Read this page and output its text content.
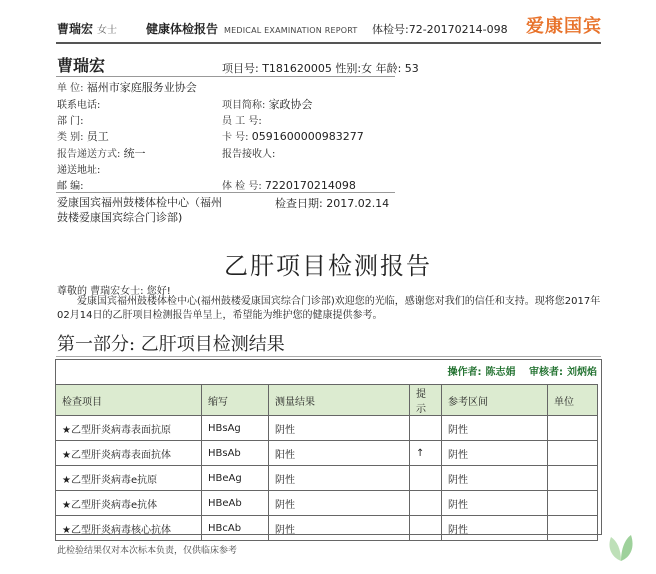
曹瑞宏 女士 健康体检报告 MEDICAL EXAMINATION REPORT 体检号:72-20170214-098 爱康国宾
曹瑞宏	项目号: T181620005 性别:女 年龄: 53
单 位: 福州市家庭服务业协会
联系电话:	项目简称: 家政协会
部 门:	员 工 号:
类 别: 员工	卡 号: 0591600000983277
报告递送方式: 统一	报告接收人:
递送地址:
邮 编:	体 检 号: 7220170214098
爱康国宾福州鼓楼体检中心（福州鼓楼爱康国宾综合门诊部)
检查日期: 2017.02.14
乙肝项目检测报告
尊敬的 曹瑞宏女士: 您好!
爱康国宾福州鼓楼体检中心(福州鼓楼爱康国宾综合门诊部)欢迎您的光临，感谢您对我们的信任和支持。现将您2017年02月14日的乙肝项目检测报告单呈上，希望能为维护您的健康提供参考。
第一部分: 乙肝项目检测结果
操作者: 陈志娟 审核者: 刘炳焰
检查项目	缩写	测量结果	提示	参考区间	单位
★乙型肝炎病毒表面抗原	HBsAg	阴性		阴性	
★乙型肝炎病毒表面抗体	HBsAb	阳性	↑	阴性	
★乙型肝炎病毒e抗原	HBeAg	阴性		阴性	
★乙型肝炎病毒e抗体	HBeAb	阴性		阴性	
★乙型肝炎病毒核心抗体	HBcAb	阴性		阴性	
此检验结果仅对本次标本负责，仅供临床参考
